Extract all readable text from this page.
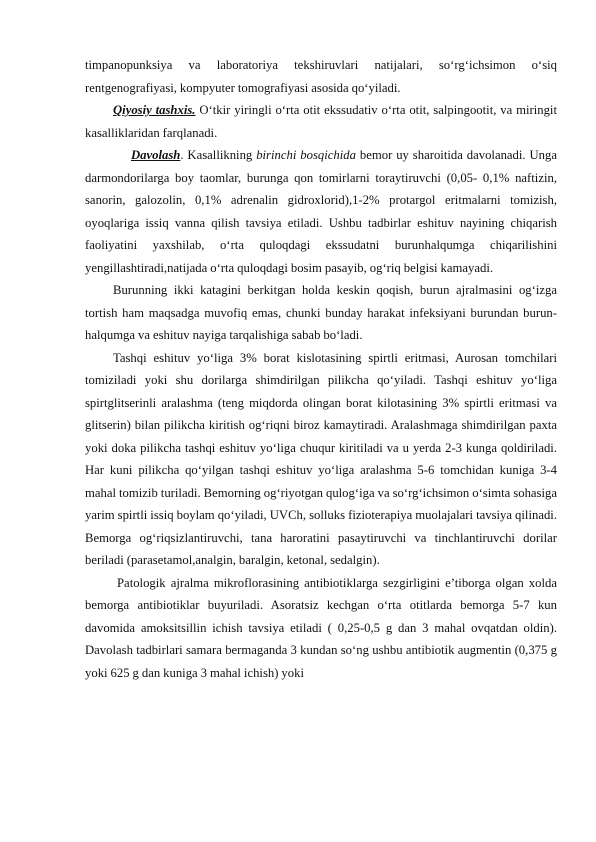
timpanopunksiya va laboratoriya tekshiruvlari natijalari, so‘rg‘ichsimon o‘siq rentgenografiyasi, kompyuter tomografiyasi asosida qo‘yiladi.

Qiyosiy tashxis. O‘tkir yiringli o‘rta otit ekssudativ o‘rta otit, salpingootit, va miringit kasalliklaridan farqlanadi.

Davolash. Kasallikning birinchi bosqichida bemor uy sharoitida davolanadi. Unga darmondorilarga boy taomlar, burunga qon tomirlarni toraytiruvchi (0,05- 0,1% naftizin, sanorin, galozolin, 0,1% adrenalin gidroxlorid),1-2% protargol eritmalarni tomizish, oyoqlariga issiq vanna qilish tavsiya etiladi. Ushbu tadbirlar eshituv nayining chiqarish faoliyatini yaxshilab, o‘rta quloqdagi ekssudatni burunhalqumga chiqarilishini yengillashtiradi,natijada o‘rta quloqdagi bosim pasayib, og‘riq belgisi kamayadi.

Burunning ikki katagini berkitgan holda keskin qoqish, burun ajralmasini og‘izga tortish ham maqsadga muvofiq emas, chunki bunday harakat infeksiyani burundan burun-halqumga va eshituv nayiga tarqalishiga sabab bo‘ladi.

Tashqi eshituv yo‘liga 3% borat kislotasining spirtli eritmasi, Aurosan tomchilari tomiziladi yoki shu dorilarga shimdirilgan pilikcha qo‘yiladi. Tashqi eshituv yo‘liga spirtglitserinli aralashma (teng miqdorda olingan borat kilotasining 3% spirtli eritmasi va glitserin) bilan pilikcha kiritish og‘riqni biroz kamaytiradi. Aralashmaga shimdirilgan paxta yoki doka pilikcha tashqi eshituv yo‘liga chuqur kiritiladi va u yerda 2-3 kunga qoldiriladi. Har kuni pilikcha qo‘yilgan tashqi eshituv yo‘liga aralashma 5-6 tomchidan kuniga 3-4 mahal tomizib turiladi. Bemorning og‘riyotgan qulog‘iga va so‘rg‘ichsimon o‘simta sohasiga yarim spirtli issiq boylam qo‘yiladi, UVCh, solluks fizioterapiya muolajalari tavsiya qilinadi. Bemorga og‘riqsizlantiruvchi, tana haroratini pasaytiruvchi va tinchlantiruvchi dorilar beriladi (parasetamol,analgin, baralgin, ketonal, sedalgin).

Patologik ajralma mikroflorasining antibiotiklarga sezgirligini e’tiborga olgan xolda bemorga antibiotiklar buyuriladi. Asoratsiz kechgan o‘rta otitlarda bemorga 5-7 kun davomida amoksitsillin ichish tavsiya etiladi ( 0,25-0,5 g dan 3 mahal ovqatdan oldin). Davolash tadbirlari samara bermaganda 3 kundan so‘ng ushbu antibiotik augmentin (0,375 g yoki 625 g dan kuniga 3 mahal ichish) yoki
